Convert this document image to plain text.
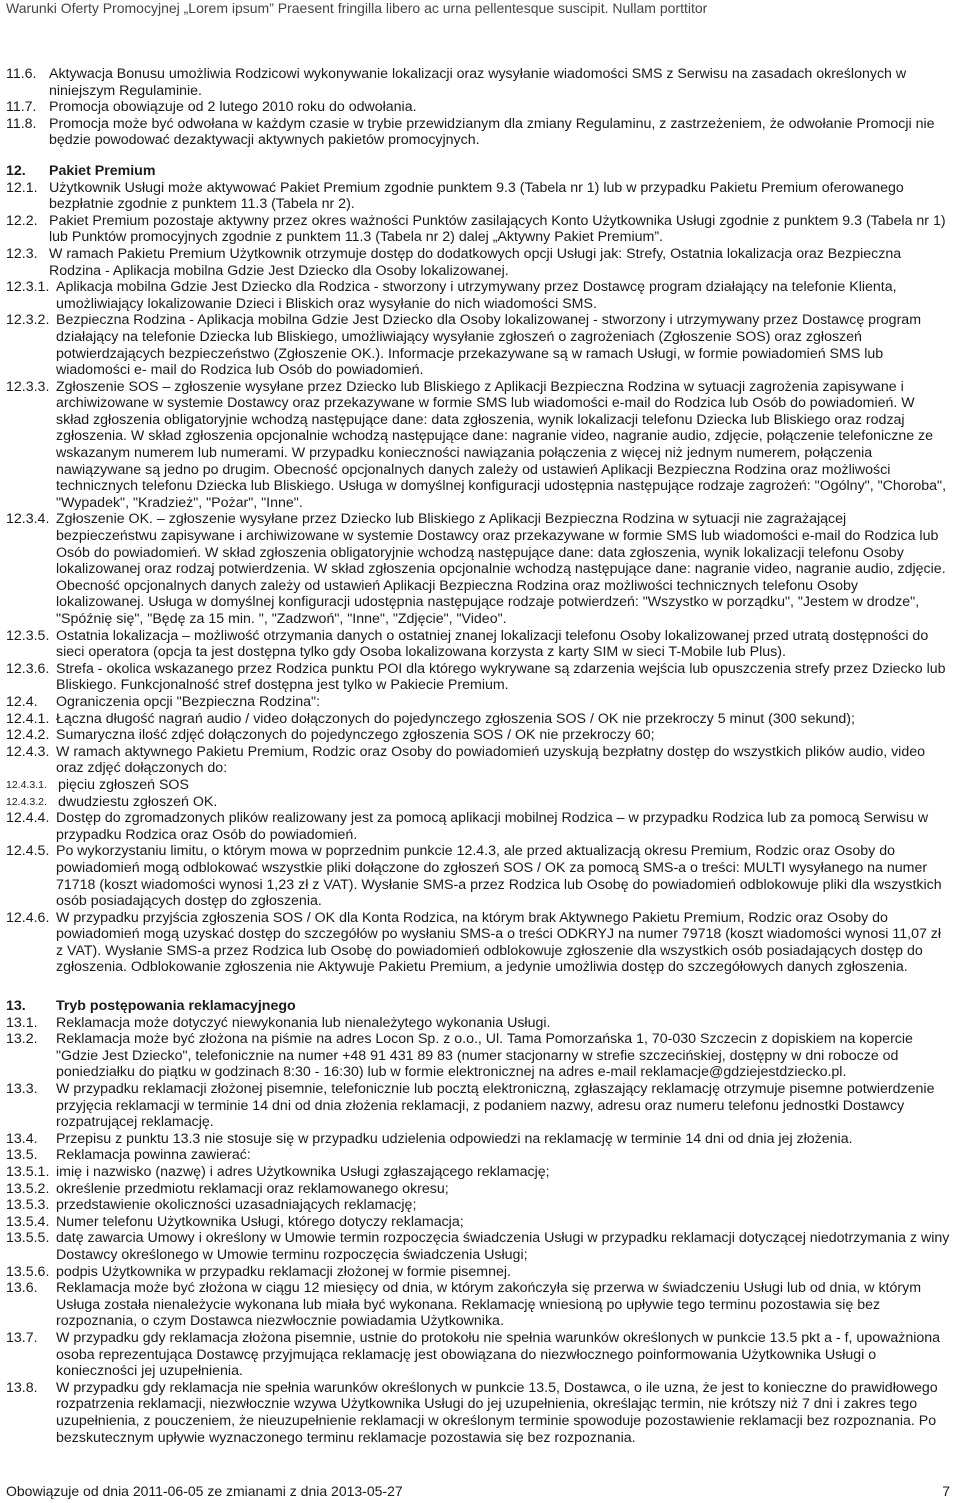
Warunki Oferty Promocyjnej „Lorem ipsum” Praesent fringilla libero ac urna pellentesque suscipit. Nullam porttitor
11.6. Aktywacja Bonusu umożliwia Rodzicowi wykonywanie lokalizacji oraz wysyłanie wiadomości SMS z Serwisu na zasadach określonych w niniejszym Regulaminie.
11.7. Promocja obowiązuje od 2 lutego 2010 roku do odwołania.
11.8. Promocja może być odwołana w każdym czasie w trybie przewidzianym dla zmiany Regulaminu, z zastrzeżeniem, że odwołanie Promocji nie będzie powodować dezaktywacji aktywnych pakietów promocyjnych.
12.	Pakiet Premium
12.1. Użytkownik Usługi może aktywować Pakiet Premium zgodnie punktem 9.3 (Tabela nr 1) lub w przypadku Pakietu Premium oferowanego bezpłatnie zgodnie z punktem 11.3 (Tabela nr 2).
12.2. Pakiet Premium pozostaje aktywny przez okres ważności Punktów zasilających Konto Użytkownika Usługi zgodnie z punktem 9.3 (Tabela nr 1) lub Punktów promocyjnych zgodnie z punktem 11.3 (Tabela nr 2) dalej „Aktywny Pakiet Premium”.
12.3. W ramach Pakietu Premium Użytkownik otrzymuje dostęp do dodatkowych opcji Usługi jak: Strefy, Ostatnia lokalizacja oraz Bezpieczna Rodzina - Aplikacja mobilna Gdzie Jest Dziecko dla Osoby lokalizowanej.
12.3.1. Aplikacja mobilna Gdzie Jest Dziecko dla Rodzica - stworzony i utrzymywany przez Dostawcę program działający na telefonie Klienta, umożliwiający lokalizowanie Dzieci i Bliskich oraz wysyłanie do nich wiadomości SMS.
12.3.2. Bezpieczna Rodzina - Aplikacja mobilna Gdzie Jest Dziecko dla Osoby lokalizowanej - stworzony i utrzymywany przez Dostawcę program działający na telefonie Dziecka lub Bliskiego, umożliwiający wysyłanie zgłoszeń o zagrożeniach (Zgłoszenie SOS) oraz zgłoszeń potwierdzających bezpieczeństwo (Zgłoszenie OK.). Informacje przekazywane są w ramach Usługi, w formie powiadomień SMS lub wiadomości e- mail do Rodzica lub Osób do powiadomień.
12.3.3. Zgłoszenie SOS – zgłoszenie wysyłane przez Dziecko lub Bliskiego z Aplikacji Bezpieczna Rodzina w sytuacji zagrożenia zapisywane i archiwizowane w systemie Dostawcy oraz przekazywane w formie SMS lub wiadomości e-mail do Rodzica lub Osób do powiadomień. W skład zgłoszenia obligatoryjnie wchodzą następujące dane: data zgłoszenia, wynik lokalizacji telefonu Dziecka lub Bliskiego oraz rodzaj zgłoszenia. W skład zgłoszenia opcjonalnie wchodzą następujące dane: nagranie video, nagranie audio, zdjęcie, połączenie telefoniczne ze wskazanym numerem lub numerami. W przypadku konieczności nawiązania połączenia z więcej niż jednym numerem, połączenia nawiązywane są jedno po drugim. Obecność opcjonalnych danych zależy od ustawień Aplikacji Bezpieczna Rodzina oraz możliwości technicznych telefonu Dziecka lub Bliskiego. Usługa w domyślnej konfiguracji udostępnia następujące rodzaje zagrożeń: "Ogólny", "Choroba", "Wypadek", "Kradzież", "Pożar", "Inne".
12.3.4. Zgłoszenie OK. – zgłoszenie wysyłane przez Dziecko lub Bliskiego z Aplikacji Bezpieczna Rodzina w sytuacji nie zagrażającej bezpieczeństwu zapisywane i archiwizowane w systemie Dostawcy oraz przekazywane w formie SMS lub wiadomości e-mail do Rodzica lub Osób do powiadomień. W skład zgłoszenia obligatoryjnie wchodzą następujące dane: data zgłoszenia, wynik lokalizacji telefonu Osoby lokalizowanej oraz rodzaj potwierdzenia. W skład zgłoszenia opcjonalnie wchodzą następujące dane: nagranie video, nagranie audio, zdjęcie. Obecność opcjonalnych danych zależy od ustawień Aplikacji Bezpieczna Rodzina oraz możliwości technicznych telefonu Osoby lokalizowanej. Usługa w domyślnej konfiguracji udostępnia następujące rodzaje potwierdzeń: "Wszystko w porządku", "Jestem w drodze", "Spóźnię się", "Będę za 15 min. ", "Zadzwoń", "Inne", "Zdjęcie", "Video".
12.3.5. Ostatnia lokalizacja – możliwość otrzymania danych o ostatniej znanej lokalizacji telefonu Osoby lokalizowanej przed utratą dostępności do sieci operatora (opcja ta jest dostępna tylko gdy Osoba lokalizowana korzysta z karty SIM w sieci T-Mobile lub Plus).
12.3.6. Strefa - okolica wskazanego przez Rodzica punktu POI dla którego wykrywane są zdarzenia wejścia lub opuszczenia strefy przez Dziecko lub Bliskiego. Funkcjonalność stref dostępna jest tylko w Pakiecie Premium.
12.4.	Ograniczenia opcji "Bezpieczna Rodzina":
12.4.1. Łączna długość nagrań audio / video dołączonych do pojedynczego zgłoszenia SOS / OK nie przekroczy 5 minut (300 sekund);
12.4.2. Sumaryczna ilość zdjęć dołączonych do pojedynczego zgłoszenia SOS / OK nie przekroczy 60;
12.4.3. W ramach aktywnego Pakietu Premium, Rodzic oraz Osoby do powiadomień uzyskują bezpłatny dostęp do wszystkich plików audio, video oraz zdjęć dołączonych do:
12.4.3.1. pięciu zgłoszeń SOS
12.4.3.2. dwudziestu zgłoszeń OK.
12.4.4. Dostęp do zgromadzonych plików realizowany jest za pomocą aplikacji mobilnej Rodzica – w przypadku Rodzica lub za pomocą Serwisu w przypadku Rodzica oraz Osób do powiadomień.
12.4.5. Po wykorzystaniu limitu, o którym mowa w poprzednim punkcie 12.4.3, ale przed aktualizacją okresu Premium, Rodzic oraz Osoby do powiadomień mogą odblokować wszystkie pliki dołączone do zgłoszeń SOS / OK za pomocą SMS-a o treści: MULTI wysyłanego na numer 71718 (koszt wiadomości wynosi 1,23 zł z VAT). Wysłanie SMS-a przez Rodzica lub Osobę do powiadomień odblokowuje pliki dla wszystkich osób posiadających dostęp do zgłoszenia.
12.4.6. W przypadku przyjścia zgłoszenia SOS / OK dla Konta Rodzica, na którym brak Aktywnego Pakietu Premium, Rodzic oraz Osoby do powiadomień mogą uzyskać dostęp do szczegółów po wysłaniu SMS-a o treści ODKRYJ na numer 79718 (koszt wiadomości wynosi 11,07 zł z VAT). Wysłanie SMS-a przez Rodzica lub Osobę do powiadomień odblokowuje zgłoszenie dla wszystkich osób posiadających dostęp do zgłoszenia. Odblokowanie zgłoszenia nie Aktywuje Pakietu Premium, a jedynie umożliwia dostęp do szczegółowych danych zgłoszenia.
13.	Tryb postępowania reklamacyjnego
13.1.	Reklamacja może dotyczyć niewykonania lub nienależytego wykonania Usługi.
13.2.	Reklamacja może być złożona na piśmie na adres Locon Sp. z o.o., Ul. Tama Pomorzańska 1, 70-030 Szczecin z dopiskiem na kopercie "Gdzie Jest Dziecko", telefonicznie na numer +48 91 431 89 83 (numer stacjonarny w strefie szczecińskiej, dostępny w dni robocze od poniedziałku do piątku w godzinach 8:30 - 16:30) lub w formie elektronicznej na adres e-mail reklamacje@gdziejestdziecko.pl.
13.3.	W przypadku reklamacji złożonej pisemnie, telefonicznie lub pocztą elektroniczną, zgłaszający reklamację otrzymuje pisemne potwierdzenie przyjęcia reklamacji w terminie 14 dni od dnia złożenia reklamacji, z podaniem nazwy, adresu oraz numeru telefonu jednostki Dostawcy rozpatrującej reklamację.
13.4.	Przepisu z punktu 13.3 nie stosuje się w przypadku udzielenia odpowiedzi na reklamację w terminie 14 dni od dnia jej złożenia.
13.5.	Reklamacja powinna zawierać:
13.5.1. imię i nazwisko (nazwę) i adres Użytkownika Usługi zgłaszającego reklamację;
13.5.2. określenie przedmiotu reklamacji oraz reklamowanego okresu;
13.5.3. przedstawienie okoliczności uzasadniających reklamację;
13.5.4. Numer telefonu Użytkownika Usługi, którego dotyczy reklamacja;
13.5.5. datę zawarcia Umowy i określony w Umowie termin rozpoczęcia świadczenia Usługi w przypadku reklamacji dotyczącej niedotrzymania z winy Dostawcy określonego w Umowie terminu rozpoczęcia świadczenia Usługi;
13.5.6. podpis Użytkownika w przypadku reklamacji złożonej w formie pisemnej.
13.6.	Reklamacja może być złożona w ciągu 12 miesięcy od dnia, w którym zakończyła się przerwa w świadczeniu Usługi lub od dnia, w którym Usługa została nienależycie wykonana lub miała być wykonana. Reklamację wniesioną po upływie tego terminu pozostawia się bez rozpoznania, o czym Dostawca niezwłocznie powiadamia Użytkownika.
13.7.	W przypadku gdy reklamacja złożona pisemnie, ustnie do protokołu nie spełnia warunków określonych w punkcie 13.5 pkt a - f, upoważniona osoba reprezentująca Dostawcę przyjmująca reklamację jest obowiązana do niezwłocznego poinformowania Użytkownika Usługi o konieczności jej uzupełnienia.
13.8.	W przypadku gdy reklamacja nie spełnia warunków określonych w punkcie 13.5, Dostawca, o ile uzna, że jest to konieczne do prawidłowego rozpatrzenia reklamacji, niezwłocznie wzywa Użytkownika Usługi do jej uzupełnienia, określając termin, nie krótszy niż 7 dni i zakres tego uzupełnienia, z pouczeniem, że nieuzupełnienie reklamacji w określonym terminie spowoduje pozostawienie reklamacji bez rozpoznania. Po bezskutecznym upływie wyznaczonego terminu reklamacje pozostawia się bez rozpoznania.
Obowiązuje od dnia 2011-06-05 ze zmianami z dnia 2013-05-27	7
